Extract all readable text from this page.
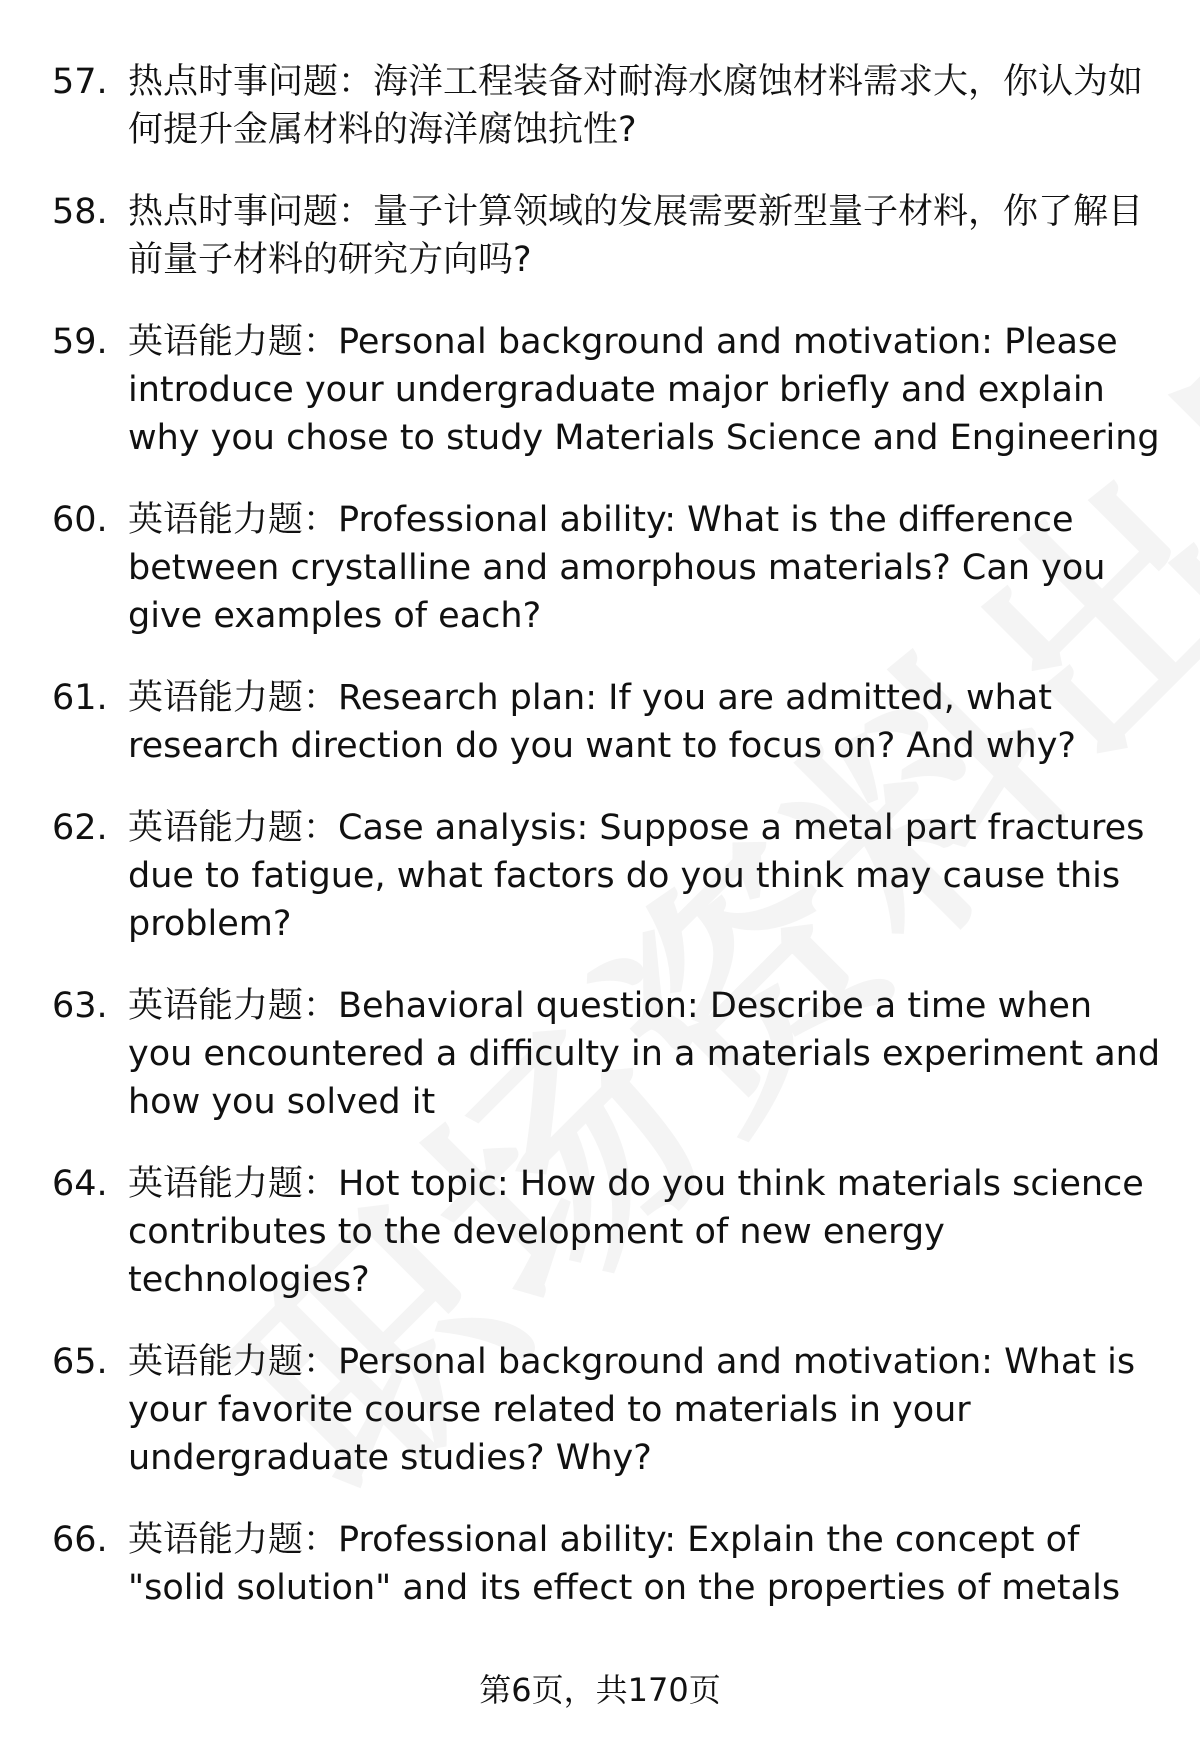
57. 热点时事问题：海洋工程装备对耐海水腐蚀材料需求大，你认为如何提升金属材料的海洋腐蚀抗性?
58. 热点时事问题：量子计算领域的发展需要新型量子材料，你了解目前量子材料的研究方向吗?
59. 英语能力题：Personal background and motivation: Please introduce your undergraduate major briefly and explain why you chose to study Materials Science and Engineering
60. 英语能力题：Professional ability: What is the difference between crystalline and amorphous materials? Can you give examples of each?
61. 英语能力题：Research plan: If you are admitted, what research direction do you want to focus on? And why?
62. 英语能力题：Case analysis: Suppose a metal part fractures due to fatigue, what factors do you think may cause this problem?
63. 英语能力题：Behavioral question: Describe a time when you encountered a difficulty in a materials experiment and how you solved it
64. 英语能力题：Hot topic: How do you think materials science contributes to the development of new energy technologies?
65. 英语能力题：Personal background and motivation: What is your favorite course related to materials in your undergraduate studies? Why?
66. 英语能力题：Professional ability: Explain the concept of "solid solution" and its effect on the properties of metals
第6页，共170页
